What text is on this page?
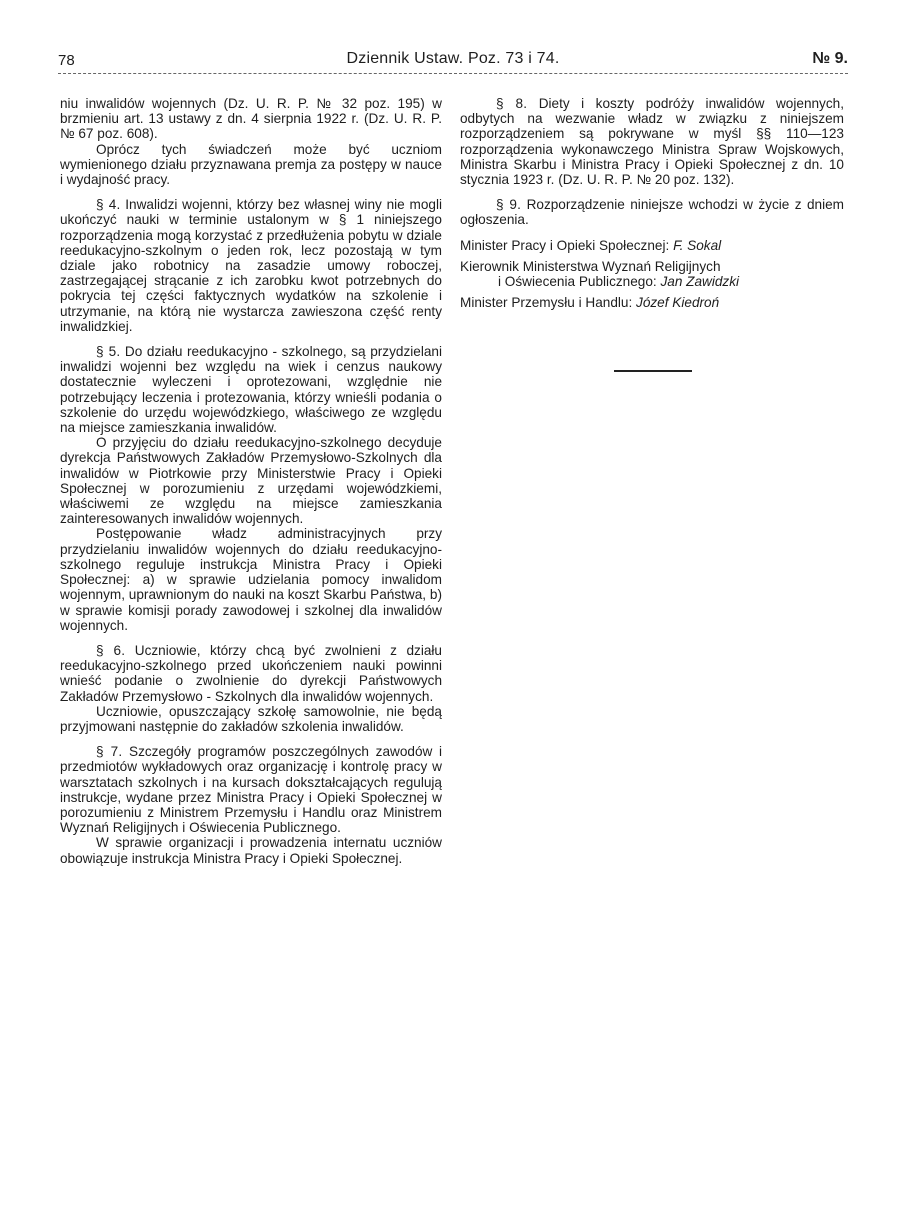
78	Dziennik Ustaw. Poz. 73 i 74.	№ 9.

niu inwalidów wojennych (Dz. U. R. P. № 32 poz. 195) w brzmieniu art. 13 ustawy z dn. 4 sierpnia 1922 r. (Dz. U. R. P. № 67 poz. 608).

Oprócz tych świadczeń może być uczniom wymienionego działu przyznawana premja za postępy w nauce i wydajność pracy.

§ 4. Inwalidzi wojenni, którzy bez własnej winy nie mogli ukończyć nauki w terminie ustalonym w § 1 niniejszego rozporządzenia mogą korzystać z przedłużenia pobytu w dziale reedukacyjno-szkolnym o jeden rok, lecz pozostają w tym dziale jako robotnicy na zasadzie umowy roboczej, zastrzegającej strącanie z ich zarobku kwot potrzebnych do pokrycia tej części faktycznych wydatków na szkolenie i utrzymanie, na którą nie wystarcza zawieszona część renty inwalidzkiej.

§ 5. Do działu reedukacyjno - szkolnego, są przydzielani inwalidzi wojenni bez względu na wiek i cenzus naukowy dostatecznie wyleczeni i oprotezowani, względnie nie potrzebujący leczenia i protezowania, którzy wnieśli podania o szkolenie do urzędu wojewódzkiego, właściwego ze względu na miejsce zamieszkania inwalidów.

O przyjęciu do działu reedukacyjno-szkolnego decyduje dyrekcja Państwowych Zakładów Przemysłowo-Szkolnych dla inwalidów w Piotrkowie przy Ministerstwie Pracy i Opieki Społecznej w porozumieniu z urzędami wojewódzkiemi, właściwemi ze względu na miejsce zamieszkania zainteresowanych inwalidów wojennych.

Postępowanie władz administracyjnych przy przydzielaniu inwalidów wojennych do działu reedukacyjno-szkolnego reguluje instrukcja Ministra Pracy i Opieki Społecznej: a) w sprawie udzielania pomocy inwalidom wojennym, uprawnionym do nauki na koszt Skarbu Państwa, b) w sprawie komisji porady zawodowej i szkolnej dla inwalidów wojennych.

§ 6. Uczniowie, którzy chcą być zwolnieni z działu reedukacyjno-szkolnego przed ukończeniem nauki powinni wnieść podanie o zwolnienie do dyrekcji Państwowych Zakładów Przemysłowo - Szkolnych dla inwalidów wojennych.

Uczniowie, opuszczający szkołę samowolnie, nie będą przyjmowani następnie do zakładów szkolenia inwalidów.

§ 7. Szczegóły programów poszczególnych zawodów i przedmiotów wykładowych oraz organizację i kontrolę pracy w warsztatach szkolnych i na kursach dokształcających regulują instrukcje, wydane przez Ministra Pracy i Opieki Społecznej w porozumieniu z Ministrem Przemysłu i Handlu oraz Ministrem Wyznań Religijnych i Oświecenia Publicznego.

W sprawie organizacji i prowadzenia internatu uczniów obowiązuje instrukcja Ministra Pracy i Opieki Społecznej.

§ 8. Diety i koszty podróży inwalidów wojennych, odbytych na wezwanie władz w związku z niniejszem rozporządzeniem są pokrywane w myśl §§ 110—123 rozporządzenia wykonawczego Ministra Spraw Wojskowych, Ministra Skarbu i Ministra Pracy i Opieki Społecznej z dn. 10 stycznia 1923 r. (Dz. U. R. P. № 20 poz. 132).

§ 9. Rozporządzenie niniejsze wchodzi w życie z dniem ogłoszenia.

Minister Pracy i Opieki Społecznej: F. Sokal

Kierownik Ministerstwa Wyznań Religijnych
i Oświecenia Publicznego: Jan Zawidzki

Minister Przemysłu i Handlu: Józef Kiedroń
